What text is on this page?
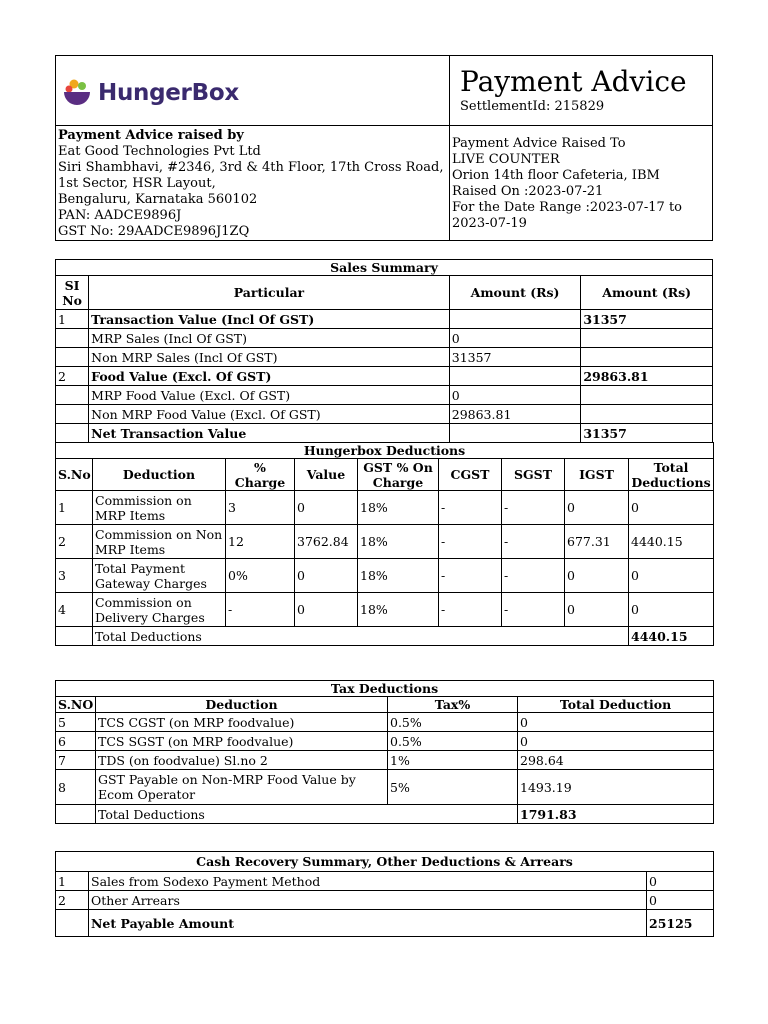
HungerBox	Payment Advice
SettlementId: 215829
Payment Advice raised by
Eat Good Technologies Pvt Ltd
Siri Shambhavi, #2346, 3rd & 4th Floor, 17th Cross Road,
1st Sector, HSR Layout,
Bengaluru, Karnataka 560102
PAN: AADCE9896J
GST No: 29AADCE9896J1ZQ
Payment Advice Raised To
LIVE COUNTER
Orion 14th floor Cafeteria, IBM
Raised On :2023-07-21
For the Date Range :2023-07-17 to
2023-07-19
Sales Summary			
SI No	Particular	Amount (Rs)	Amount (Rs)
1	Transaction Value (Incl Of GST)		31357
	MRP Sales (Incl Of GST)	0	
	Non MRP Sales (Incl Of GST)	31357	
2	Food Value (Excl. Of GST)		29863.81
	MRP Food Value (Excl. Of GST)	0	
	Non MRP Food Value (Excl. Of GST)	29863.81	
	Net Transaction Value		31357
Hungerbox Deductions								
S.No	Deduction	% Charge	Value	GST % On Charge	CGST	SGST	IGST	Total Deductions
1	Commission on MRP Items	3	0	18%	-	-	0	0
2	Commission on Non MRP Items	12	3762.84	18%	-	-	677.31	4440.15
3	Total Payment Gateway Charges	0%	0	18%	-	-	0	0
4	Commission on Delivery Charges	-	0	18%	-	-	0	0
	Total Deductions							4440.15
Tax Deductions			
S.NO	Deduction	Tax%	Total Deduction
5	TCS CGST (on MRP foodvalue)	0.5%	0
6	TCS SGST (on MRP foodvalue)	0.5%	0
7	TDS (on foodvalue) Sl.no 2	1%	298.64
8	GST Payable on Non-MRP Food Value by Ecom Operator	5%	1493.19
	Total Deductions		1791.83
Cash Recovery Summary, Other Deductions & Arrears		
1	Sales from Sodexo Payment Method	0
2	Other Arrears	0
	Net Payable Amount	25125
